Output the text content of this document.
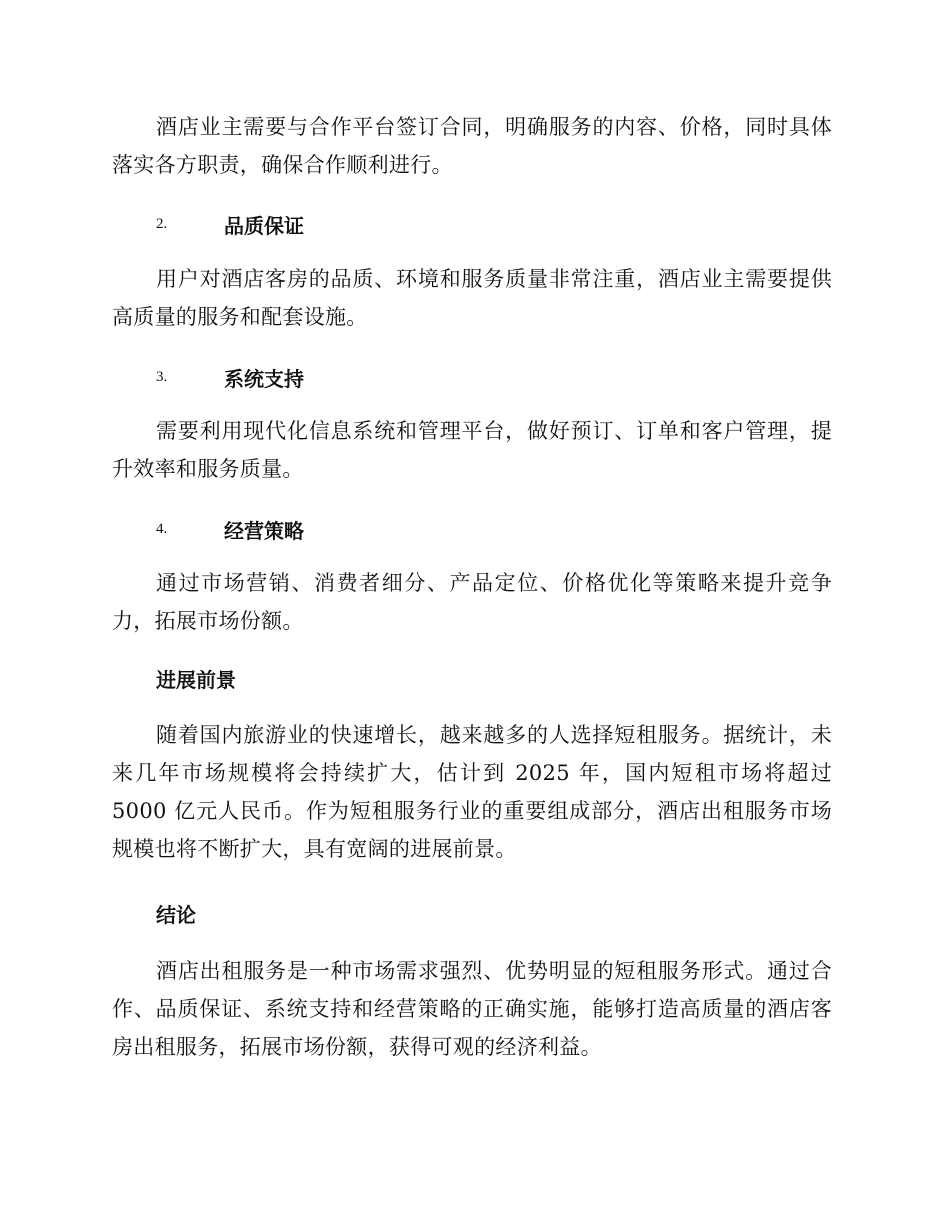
酒店业主需要与合作平台签订合同，明确服务的内容、价格，同时具体落实各方职责，确保合作顺利进行。

2.	品质保证

用户对酒店客房的品质、环境和服务质量非常注重，酒店业主需要提供高质量的服务和配套设施。

3.	系统支持

需要利用现代化信息系统和管理平台，做好预订、订单和客户管理，提升效率和服务质量。

4.	经营策略

通过市场营销、消费者细分、产品定位、价格优化等策略来提升竞争力，拓展市场份额。

进展前景

随着国内旅游业的快速增长，越来越多的人选择短租服务。据统计，未来几年市场规模将会持续扩大，估计到 2025 年，国内短租市场将超过 5000 亿元人民币。作为短租服务行业的重要组成部分，酒店出租服务市场规模也将不断扩大，具有宽阔的进展前景。

结论

酒店出租服务是一种市场需求强烈、优势明显的短租服务形式。通过合作、品质保证、系统支持和经营策略的正确实施，能够打造高质量的酒店客房出租服务，拓展市场份额，获得可观的经济利益。
